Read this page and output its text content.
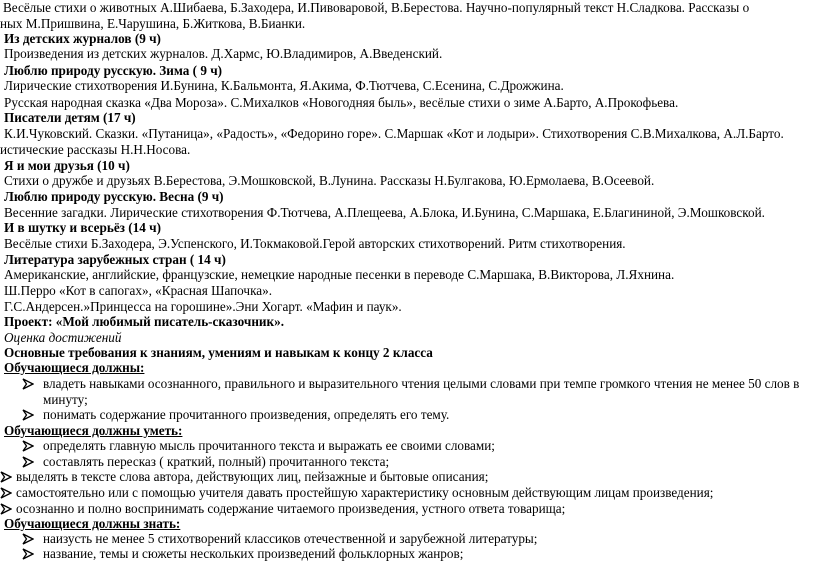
Весёлые стихи о животных А.Шибаева, Б.Заходера, И.Пивоваровой, В.Берестова. Научно-популярный текст Н.Сладкова. Рассказы о
ных М.Пришвина, Е.Чарушина, Б.Житкова, В.Бианки.
Из детских журналов (9 ч)
Произведения из детских журналов. Д.Хармс, Ю.Владимиров, А.Введенский.
Люблю природу русскую. Зима ( 9 ч)
Лирические стихотворения И.Бунина, К.Бальмонта, Я.Акима, Ф.Тютчева, С.Есенина, С.Дрожжина.
Русская народная сказка «Два Мороза». С.Михалков «Новогодняя быль», весёлые стихи о зиме А.Барто, А.Прокофьева.
Писатели детям (17 ч)
К.И.Чуковский. Сказки. «Путаница», «Радость», «Федорино горе». С.Маршак «Кот и лодыри». Стихотворения С.В.Михалкова, А.Л.Барто.
истические рассказы Н.Н.Носова.
Я и мои друзья (10 ч)
Стихи о дружбе и друзьях В.Берестова, Э.Мошковской, В.Лунина. Рассказы Н.Булгакова, Ю.Ермолаева, В.Осеевой.
Люблю природу русскую. Весна (9 ч)
Весенние загадки. Лирические стихотворения Ф.Тютчева, А.Плещеева, А.Блока, И.Бунина, С.Маршака, Е.Благининой, Э.Мошковской.
И в шутку и всерьёз (14 ч)
Весёлые стихи Б.Заходера, Э.Успенского, И.Токмаковой.Герой авторских стихотворений. Ритм стихотворения.
Литература зарубежных стран ( 14 ч)
Американские, английские, французские, немецкие народные песенки в переводе С.Маршака, В.Викторова, Л.Яхнина.
Ш.Перро «Кот в сапогах», «Красная Шапочка».
Г.С.Андерсен.»Принцесса на горошине».Эни Хогарт. «Мафин и паук».
Проект: «Мой любимый писатель-сказочник».
Оценка достижений
Основные требования к знаниям, умениям и навыкам к концу 2 класса
Обучающиеся должны:
владеть навыками осознанного, правильного и выразительного чтения целыми словами при темпе громкого чтения не менее 50 слов в
минуту;
понимать содержание прочитанного произведения, определять его тему.
Обучающиеся должны уметь:
определять главную мысль прочитанного текста и выражать ее своими словами;
составлять пересказ ( краткий, полный) прочитанного текста;
выделять в тексте слова автора, действующих лиц, пейзажные и бытовые описания;
самостоятельно или с помощью учителя давать простейшую характеристику основным действующим лицам произведения;
осознанно и полно воспринимать содержание читаемого произведения, устного ответа товарища;
Обучающиеся должны знать:
наизусть не менее 5 стихотворений классиков отечественной и зарубежной литературы;
название, темы и сюжеты нескольких произведений фольклорных жанров;
